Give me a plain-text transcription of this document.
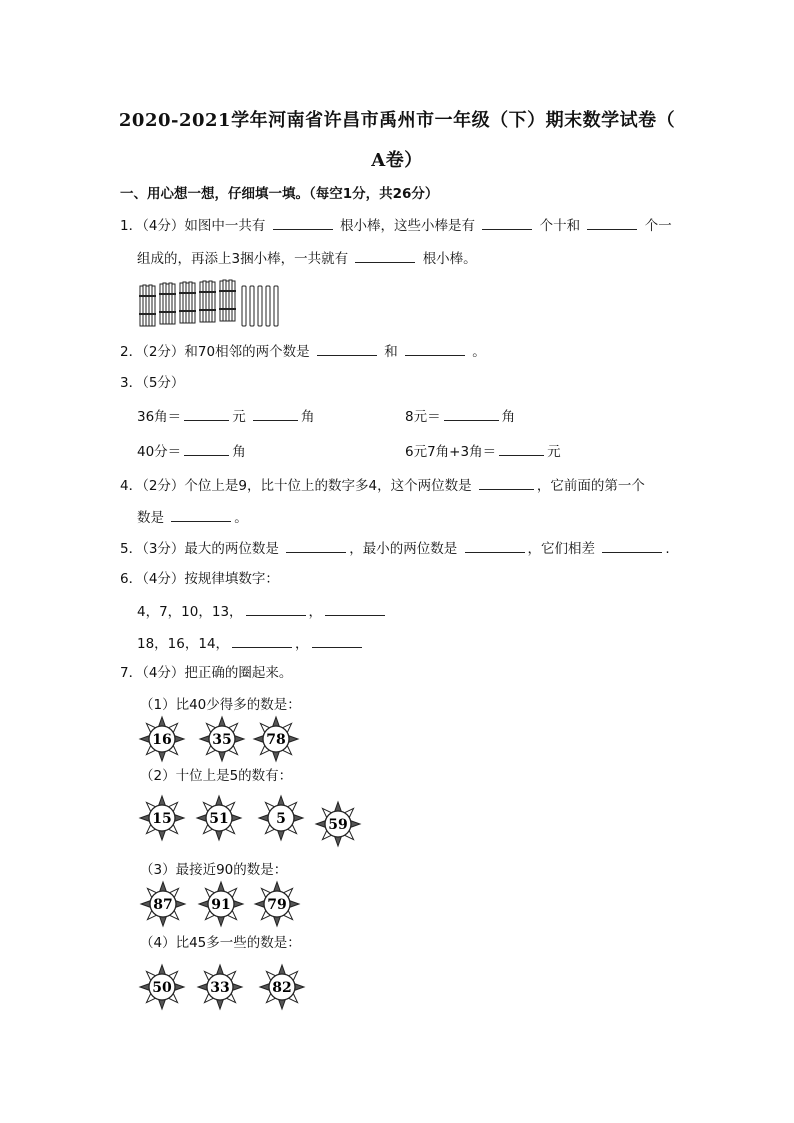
2020-2021学年河南省许昌市禹州市一年级（下）期末数学试卷（
A卷）
一、用心想一想，仔细填一填。（每空1分，共26分）
1．（4分）如图中一共有	根小棒，这些小棒是有	个十和	个一
组成的，再添上3捆小棒，一共就有	根小棒。
2．（2分）和70相邻的两个数是	和	。
3．（5分）
36角＝	元	角	8元＝	角
40分＝	角	6元7角+3角＝	元
4．（2分）个位上是9，比十位上的数字多4，这个两位数是	，它前面的第一个
数是	。
5．（3分）最大的两位数是	，最小的两位数是	，它们相差	.
6．（4分）按规律填数字：
4，7，10，13，	，
18，16，14，	，
7．（4分）把正确的圈起来。
（1）比40少得多的数是：
16	35 78
（2）十位上是5的数有：
15	51	5	59
（3）最接近90的数是：
87	91	79
（4）比45多一些的数是：
50	33	82
